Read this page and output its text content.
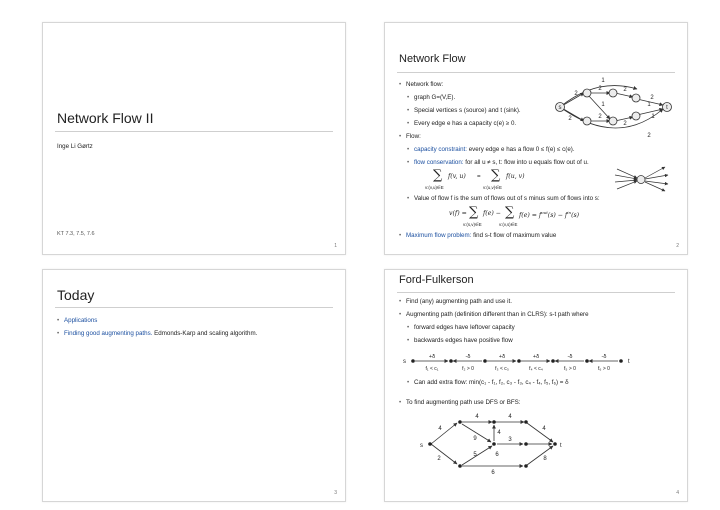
Network Flow II
Inge Li Gørtz
KT 7.3, 7.5, 7.6
1
Network Flow
• Network flow:
• graph G=(V,E).
• Special vertices s (source) and t (sink).
• Every edge e has a capacity c(e) ≥ 0.
• Flow:
• capacity constraint: every edge e has a flow 0 ≤ f(e) ≤ c(e).
• flow conservation: for all u ≠ s, t: flow into u equals flow out of u.
∑ f(v, u) = ∑ f(u, v)
v:(v,u)∈E	v:(u,v)∈E
• Value of flow f is the sum of flows out of s minus sum of flows into s:
v(f) = ∑ f(e) − ∑ $f(e) = f^{out}(s) - f^{in}(s)$
v:(s,v)∈E	v:(v,s)∈E
• Maximum flow problem: find s-t flow of maximum value
s	t
1
2
2
2
2
1
2
2
2
1
1
2
2
Today
• Applications
• Finding good augmenting paths. Edmonds-Karp and scaling algorithm.
3
Ford-Fulkerson
• Find (any) augmenting path and use it.
• Augmenting path (definition different than in CLRS): s-t path where
• forward edges have leftover capacity
• backwards edges have positive flow
s	t
+δ	-δ	+δ	+δ	-δ	-δ
f₁ < c₁	f₂ > 0	f₃ < c₃	f₄ < c₄	f₅ > 0	f₆ > 0
• Can add extra flow: min(c₁ - f₁, f₂, c₃ - f₃, c₄ - f₄, f₅, f₆) = δ
• To find augmenting path use DFS or BFS:
s	t
4	4
4	4
4
9	3
5	6
2	8
6
4
